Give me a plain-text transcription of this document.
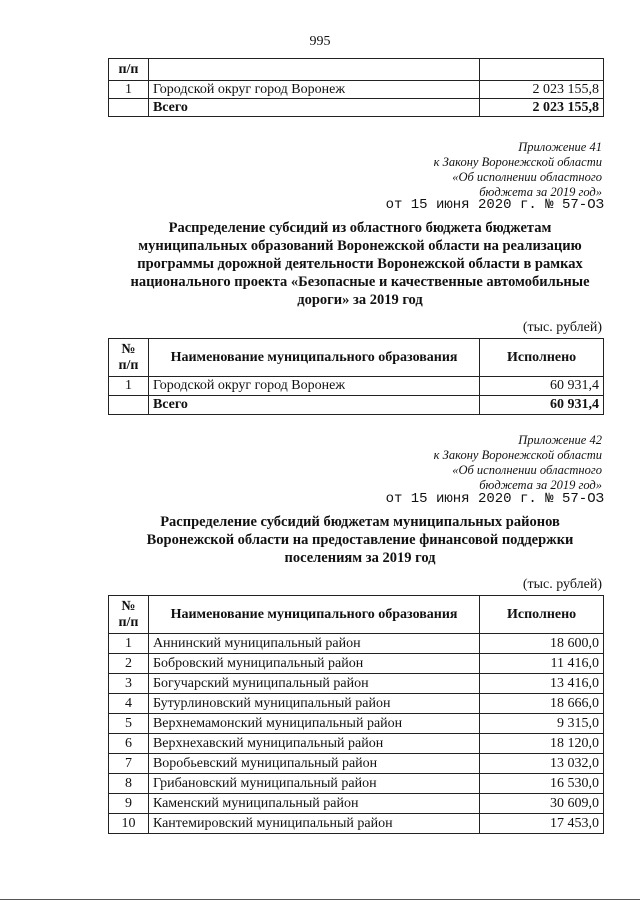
995
п/п		
1	Городской округ город Воронеж	2 023 155,8
	Всего	2 023 155,8
Приложение 41
к Закону Воронежской области
«Об исполнении областного
бюджета за 2019 год»
от 15 июня 2020 г. № 57-ОЗ
Распределение субсидий из областного бюджета бюджетам
муниципальных образований Воронежской области на реализацию
программы дорожной деятельности Воронежской области в рамках
национального проекта «Безопасные и качественные автомобильные
дороги» за 2019 год
(тыс. рублей)
№
п/п	Наименование муниципального образования	Исполнено
1	Городской округ город Воронеж	60 931,4
	Всего	60 931,4
Приложение 42
к Закону Воронежской области
«Об исполнении областного
бюджета за 2019 год»
от 15 июня 2020 г. № 57-ОЗ
Распределение субсидий бюджетам муниципальных районов
Воронежской области на предоставление финансовой поддержки
поселениям за 2019 год
(тыс. рублей)
№
п/п	Наименование муниципального образования	Исполнено
1	Аннинский муниципальный район	18 600,0
2	Бобровский муниципальный район	11 416,0
3	Богучарский муниципальный район	13 416,0
4	Бутурлиновский муниципальный район	18 666,0
5	Верхнемамонский муниципальный район	9 315,0
6	Верхнехавский муниципальный район	18 120,0
7	Воробьевский муниципальный район	13 032,0
8	Грибановский муниципальный район	16 530,0
9	Каменский муниципальный район	30 609,0
10	Кантемировский муниципальный район	17 453,0
